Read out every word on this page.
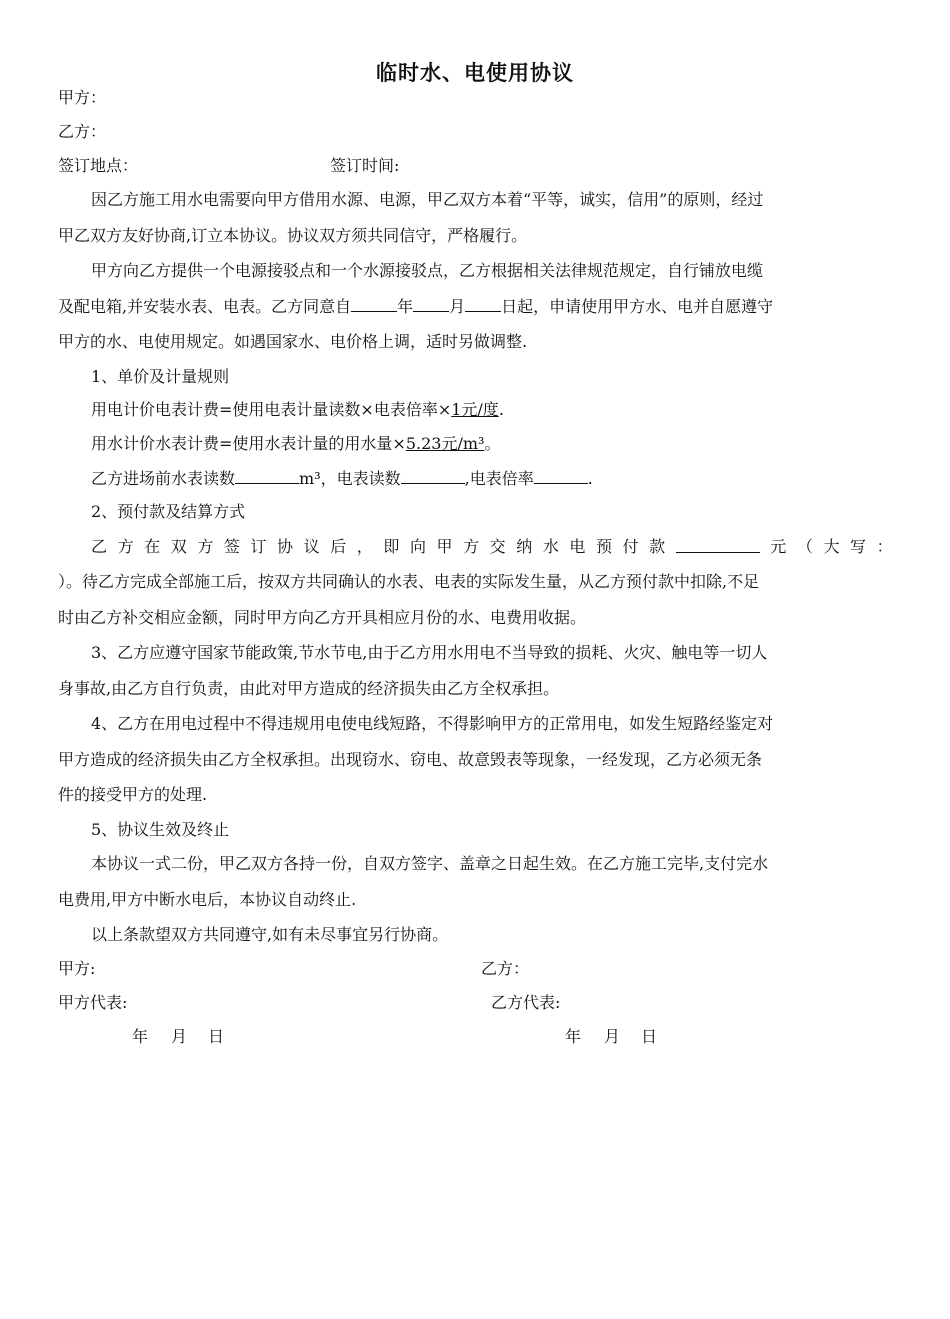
临时水、电使用协议
甲方：
乙方：
签订地点：	签订时间:
因乙方施工用水电需要向甲方借用水源、电源，甲乙双方本着“平等，诚实，信用”的原则，经过
甲乙双方友好协商,订立本协议。协议双方须共同信守，严格履行。
甲方向乙方提供一个电源接驳点和一个水源接驳点，乙方根据相关法律规范规定，自行铺放电缆
及配电箱,并安装水表、电表。乙方同意自	年 月 日起，申请使用甲方水、电并自愿遵守
甲方的水、电使用规定。如遇国家水、电价格上调，适时另做调整.
1、单价及计量规则
用电计价电表计费=使用电表计量读数×电表倍率×1元/度.
用水计价水表计费=使用水表计量的用水量×5.23元/m³。
乙方进场前水表读数	m³，电表读数	,电表倍率	.
2、预付款及结算方式
乙 方 在 双 方 签 订 协 议 后 ， 即 向 甲 方 交 纳 水 电 预 付 款	元 （ 大 写 ：
）。待乙方完成全部施工后，按双方共同确认的水表、电表的实际发生量，从乙方预付款中扣除,不足
时由乙方补交相应金额，同时甲方向乙方开具相应月份的水、电费用收据。
3、乙方应遵守国家节能政策,节水节电,由于乙方用水用电不当导致的损耗、火灾、触电等一切人
身事故,由乙方自行负责，由此对甲方造成的经济损失由乙方全权承担。
4、乙方在用电过程中不得违规用电使电线短路，不得影响甲方的正常用电，如发生短路经鉴定对
甲方造成的经济损失由乙方全权承担。出现窃水、窃电、故意毁表等现象，一经发现，乙方必须无条
件的接受甲方的处理.
5、协议生效及终止
本协议一式二份，甲乙双方各持一份，自双方签字、盖章之日起生效。在乙方施工完毕,支付完水
电费用,甲方中断水电后，本协议自动终止.
以上条款望双方共同遵守,如有未尽事宜另行协商。
甲方:	乙方：
甲方代表:	乙方代表:
年 月 日	年 月 日
